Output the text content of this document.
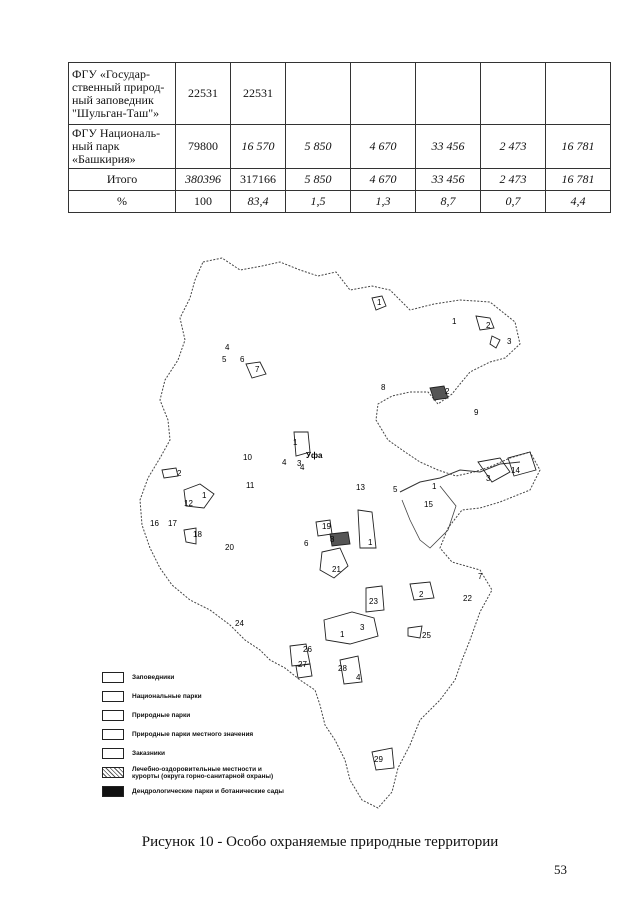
ФГУ «Государ-ственный природ-ный заповедник "Шульган-Таш"»	22531	22531					
ФГУ Националь-ный парк «Башкирия»	79800	16 570	5 850	4 670	33 456	2 473	16 781
Итого	380396	317166	5 850	4 670	33 456	2 473	16 781
%	100	83,4	1,5	1,3	8,7	0,7	4,4
Уфа
1
1	2
3
4
5 6
7
8	2
9
1
4 3
10
4
11
2
12
1
13	5	1
3
14
15
16 17
18
19
6	8	1
20
21
7
2	22
23
3
1
24
25
26
27	28
4
29
Заповедники
Национальные парки
Природные парки
Природные парки местного значения
Заказники
Лечебно-оздоровительные местности и курорты (округа горно-санитарной охраны)
Дендрологические парки и ботанические сады
Рисунок 10 - Особо охраняемые природные территории
53
